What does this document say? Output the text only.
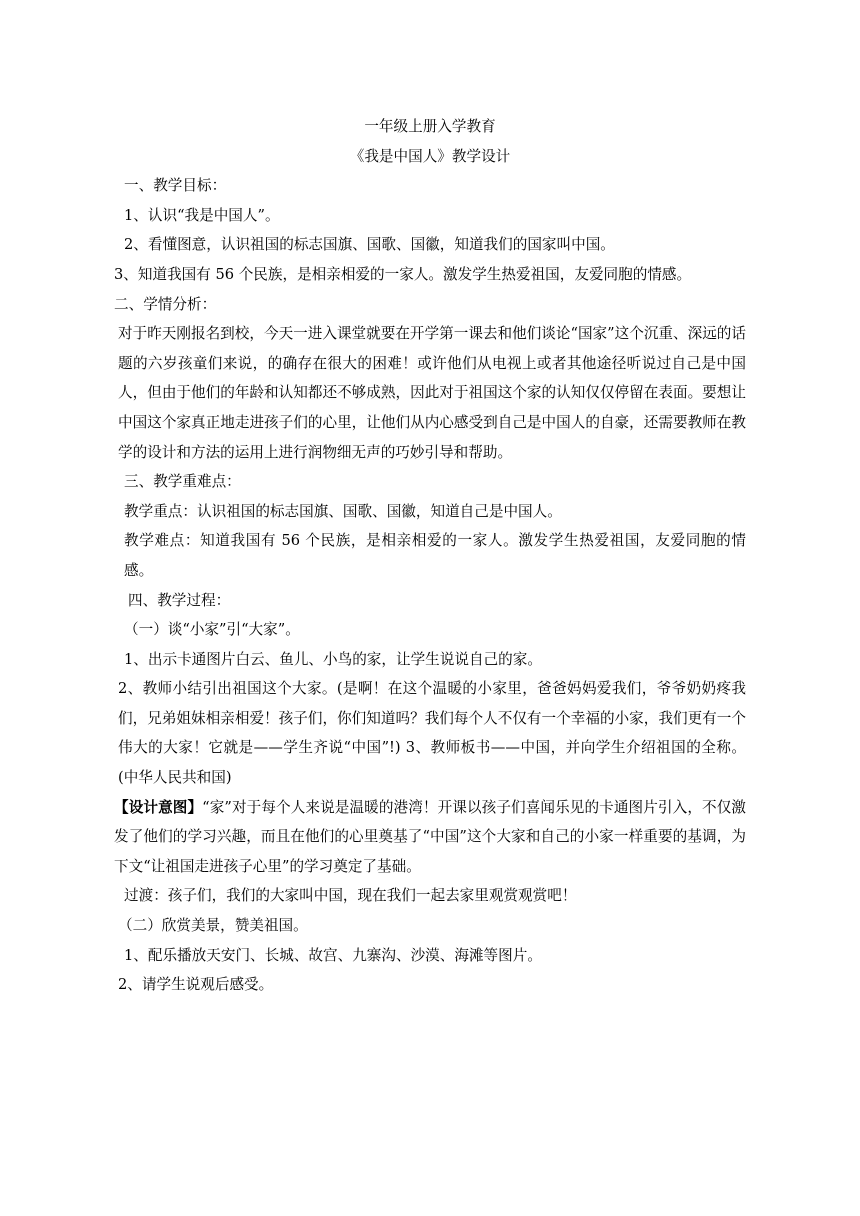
一年级上册入学教育
《我是中国人》教学设计
一、教学目标：
1、认识“我是中国人”。
2、看懂图意，认识祖国的标志国旗、国歌、国徽，知道我们的国家叫中国。
3、知道我国有 56 个民族，是相亲相爱的一家人。激发学生热爱祖国，友爱同胞的情感。
二、学情分析：
对于昨天刚报名到校，今天一进入课堂就要在开学第一课去和他们谈论“国家”这个沉重、深远的话题的六岁孩童们来说，的确存在很大的困难！或许他们从电视上或者其他途径听说过自己是中国人，但由于他们的年龄和认知都还不够成熟，因此对于祖国这个家的认知仅仅停留在表面。要想让中国这个家真正地走进孩子们的心里，让他们从内心感受到自己是中国人的自豪，还需要教师在教学的设计和方法的运用上进行润物细无声的巧妙引导和帮助。
三、教学重难点：
教学重点：认识祖国的标志国旗、国歌、国徽，知道自己是中国人。
教学难点：知道我国有 56 个民族，是相亲相爱的一家人。激发学生热爱祖国，友爱同胞的情感。
四、教学过程：
（一）谈“小家”引“大家”。
1、出示卡通图片白云、鱼儿、小鸟的家，让学生说说自己的家。
2、教师小结引出祖国这个大家。(是啊！在这个温暖的小家里，爸爸妈妈爱我们，爷爷奶奶疼我们，兄弟姐妹相亲相爱！孩子们，你们知道吗？我们每个人不仅有一个幸福的小家，我们更有一个伟大的大家！它就是——学生齐说“中国”!) 3、教师板书——中国，并向学生介绍祖国的全称。(中华人民共和国)
【设计意图】“家”对于每个人来说是温暖的港湾！开课以孩子们喜闻乐见的卡通图片引入，不仅激发了他们的学习兴趣，而且在他们的心里奠基了“中国”这个大家和自己的小家一样重要的基调，为下文“让祖国走进孩子心里”的学习奠定了基础。
过渡：孩子们，我们的大家叫中国，现在我们一起去家里观赏观赏吧！
（二）欣赏美景，赞美祖国。
1、配乐播放天安门、长城、故宫、九寨沟、沙漠、海滩等图片。
2、请学生说观后感受。
